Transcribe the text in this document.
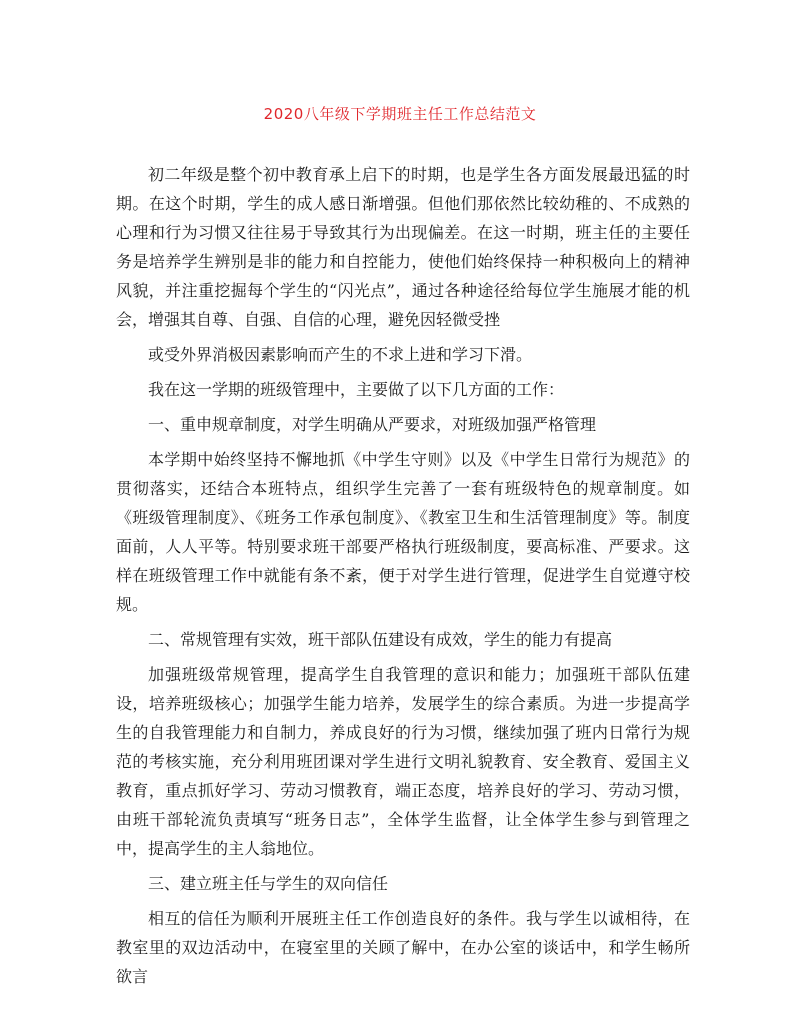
2020八年级下学期班主任工作总结范文

初二年级是整个初中教育承上启下的时期，也是学生各方面发展最迅猛的时期。在这个时期，学生的成人感日渐增强。但他们那依然比较幼稚的、不成熟的心理和行为习惯又往往易于导致其行为出现偏差。在这一时期，班主任的主要任务是培养学生辨别是非的能力和自控能力，使他们始终保持一种积极向上的精神风貌，并注重挖掘每个学生的“闪光点”，通过各种途径给每位学生施展才能的机会，增强其自尊、自强、自信的心理，避免因轻微受挫

或受外界消极因素影响而产生的不求上进和学习下滑。

我在这一学期的班级管理中，主要做了以下几方面的工作：

一、重申规章制度，对学生明确从严要求，对班级加强严格管理

本学期中始终坚持不懈地抓《中学生守则》以及《中学生日常行为规范》的贯彻落实，还结合本班特点，组织学生完善了一套有班级特色的规章制度。如《班级管理制度》、《班务工作承包制度》、《教室卫生和生活管理制度》等。制度面前，人人平等。特别要求班干部要严格执行班级制度，要高标准、严要求。这样在班级管理工作中就能有条不紊，便于对学生进行管理，促进学生自觉遵守校规。

二、常规管理有实效，班干部队伍建设有成效，学生的能力有提高

加强班级常规管理，提高学生自我管理的意识和能力；加强班干部队伍建设，培养班级核心；加强学生能力培养，发展学生的综合素质。为进一步提高学生的自我管理能力和自制力，养成良好的行为习惯，继续加强了班内日常行为规范的考核实施，充分利用班团课对学生进行文明礼貌教育、安全教育、爱国主义教育，重点抓好学习、劳动习惯教育，端正态度，培养良好的学习、劳动习惯，由班干部轮流负责填写“班务日志”，全体学生监督，让全体学生参与到管理之中，提高学生的主人翁地位。

三、建立班主任与学生的双向信任

相互的信任为顺利开展班主任工作创造良好的条件。我与学生以诚相待，在教室里的双边活动中，在寝室里的关顾了解中，在办公室的谈话中，和学生畅所欲言
